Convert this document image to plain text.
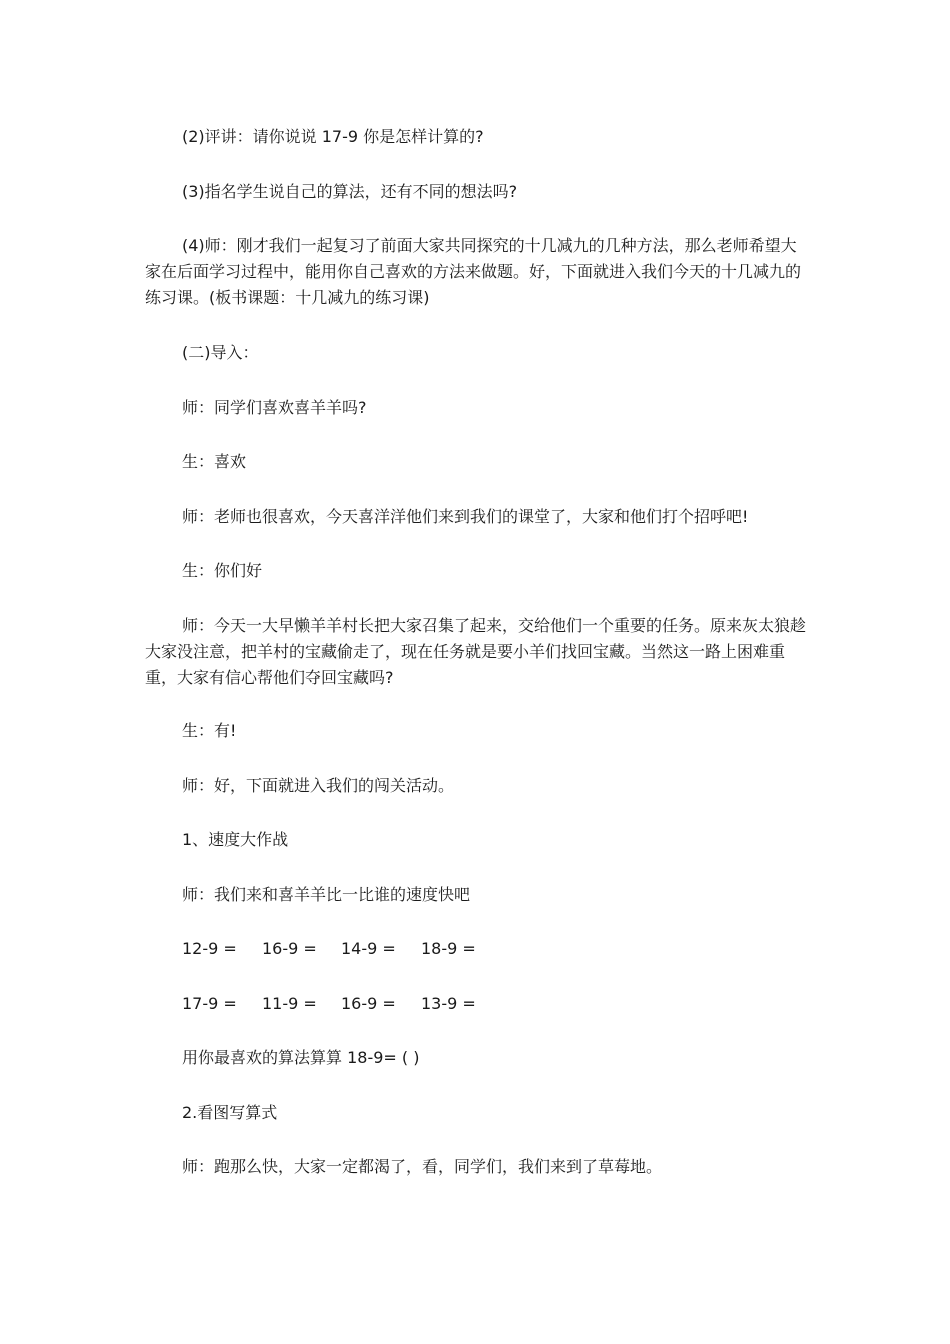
(2)评讲：请你说说 17-9 你是怎样计算的?

(3)指名学生说自己的算法，还有不同的想法吗?

(4)师：刚才我们一起复习了前面大家共同探究的十几减九的几种方法，那么老师希望大家在后面学习过程中，能用你自己喜欢的方法来做题。好，下面就进入我们今天的十几减九的练习课。(板书课题：十几减九的练习课)

(二)导入：

师：同学们喜欢喜羊羊吗?

生：喜欢

师：老师也很喜欢，今天喜洋洋他们来到我们的课堂了，大家和他们打个招呼吧!

生：你们好

师：今天一大早懒羊羊村长把大家召集了起来，交给他们一个重要的任务。原来灰太狼趁大家没注意，把羊村的宝藏偷走了，现在任务就是要小羊们找回宝藏。当然这一路上困难重重，大家有信心帮他们夺回宝藏吗?

生：有!

师：好，下面就进入我们的闯关活动。

1、速度大作战

师：我们来和喜羊羊比一比谁的速度快吧

12-9 =	16-9 =	14-9 =	18-9 =
17-9 =	11-9 =	16-9 =	13-9 =

用你最喜欢的算法算算 18-9= ( )

2.看图写算式

师：跑那么快，大家一定都渴了，看，同学们，我们来到了草莓地。
